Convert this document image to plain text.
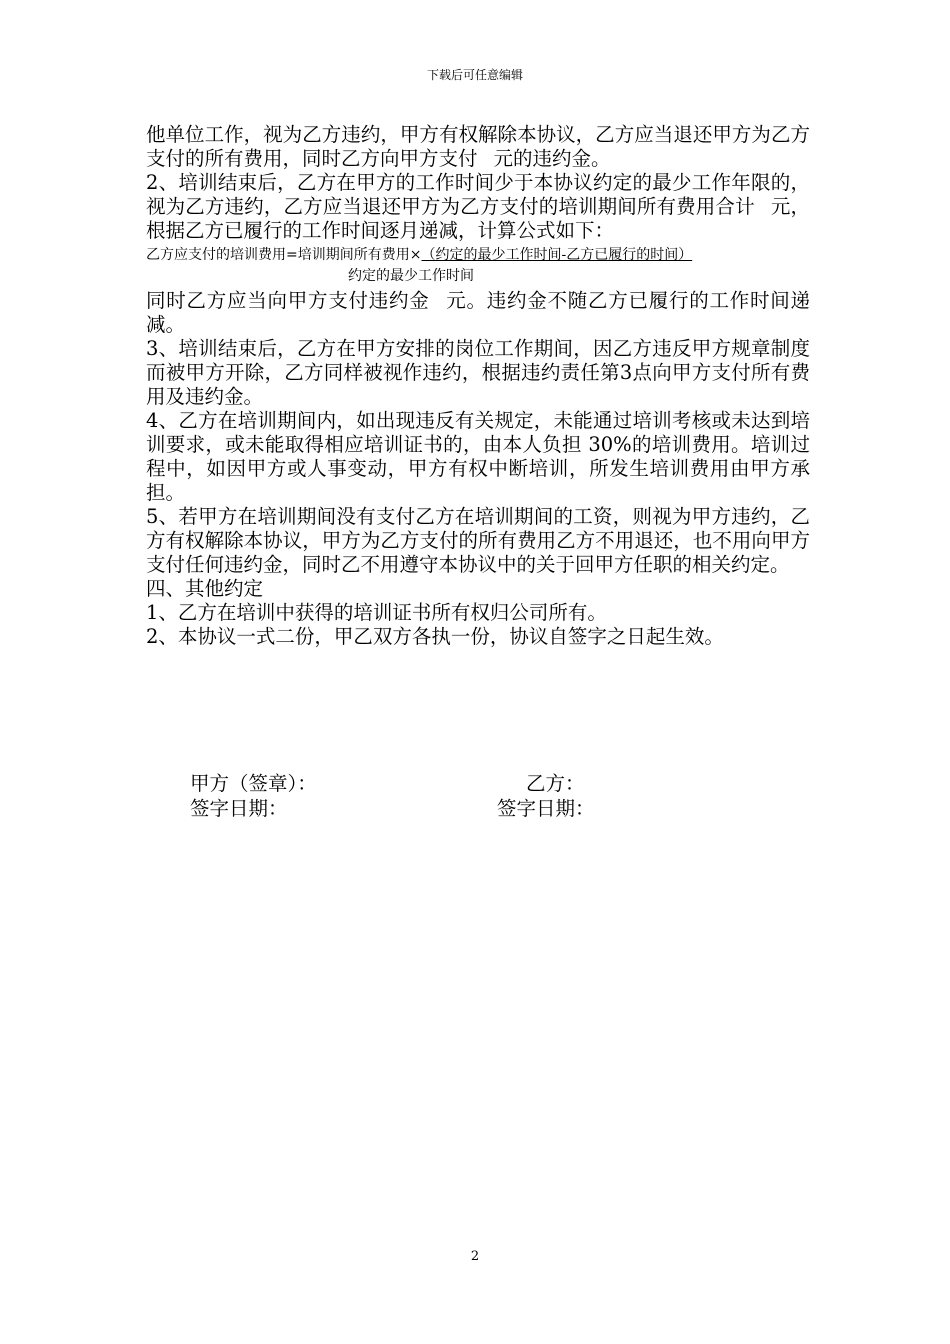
下载后可任意编辑

他单位工作，视为乙方违约，甲方有权解除本协议，乙方应当退还甲方为乙方支付的所有费用，同时乙方向甲方支付 元的违约金。

2、培训结束后，乙方在甲方的工作时间少于本协议约定的最少工作年限的，视为乙方违约，乙方应当退还甲方为乙方支付的培训期间所有费用合计 元，根据乙方已履行的工作时间逐月递减，计算公式如下：

乙方应支付的培训费用=培训期间所有费用×（约定的最少工作时间-乙方已履行的时间）
约定的最少工作时间

同时乙方应当向甲方支付违约金 元。违约金不随乙方已履行的工作时间递减。

3、培训结束后，乙方在甲方安排的岗位工作期间，因乙方违反甲方规章制度而被甲方开除，乙方同样被视作违约，根据违约责任第3点向甲方支付所有费用及违约金。

4、乙方在培训期间内，如出现违反有关规定，未能通过培训考核或未达到培训要求，或未能取得相应培训证书的，由本人负担 30%的培训费用。培训过程中，如因甲方或人事变动，甲方有权中断培训，所发生培训费用由甲方承担。

5、若甲方在培训期间没有支付乙方在培训期间的工资，则视为甲方违约，乙方有权解除本协议，甲方为乙方支付的所有费用乙方不用退还，也不用向甲方支付任何违约金，同时乙不用遵守本协议中的关于回甲方任职的相关约定。

四、其他约定

1、乙方在培训中获得的培训证书所有权归公司所有。

2、本协议一式二份，甲乙双方各执一份，协议自签字之日起生效。

甲方（签章）：	乙方：
签字日期：	签字日期：
2
